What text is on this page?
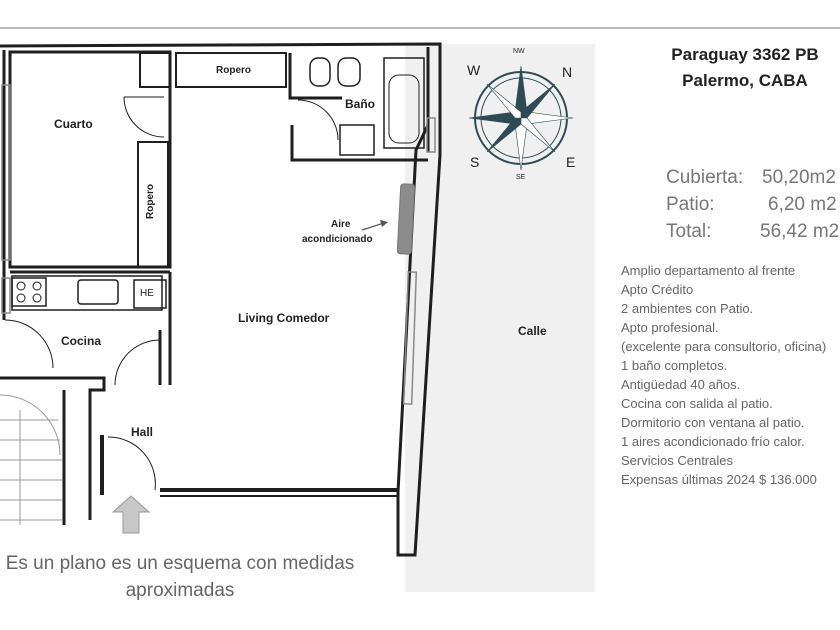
NW
N
W
E
S
SE
Cuarto
Ropero
Ropero
Baño
Cocina
HE
Living Comedor
Hall
Aire
acondicionado
Calle
Es un plano es un esquema con medidas
aproximadas
Paraguay 3362 PB
Palermo, CABA
Cubierta: 50,20m2
Patio:	6,20 m2
Total:	56,42 m2
Amplio departamento al frente
Apto Crédito
2 ambientes con Patio.
Apto profesional.
(excelente para consultorio, oficina)
1 baño completos.
Antigüedad 40 años.
Cocina con salida al patio.
Dormitorio con ventana al patio.
1 aires acondicionado frío calor.
Servicios Centrales
Expensas últimas 2024 $ 136.000
